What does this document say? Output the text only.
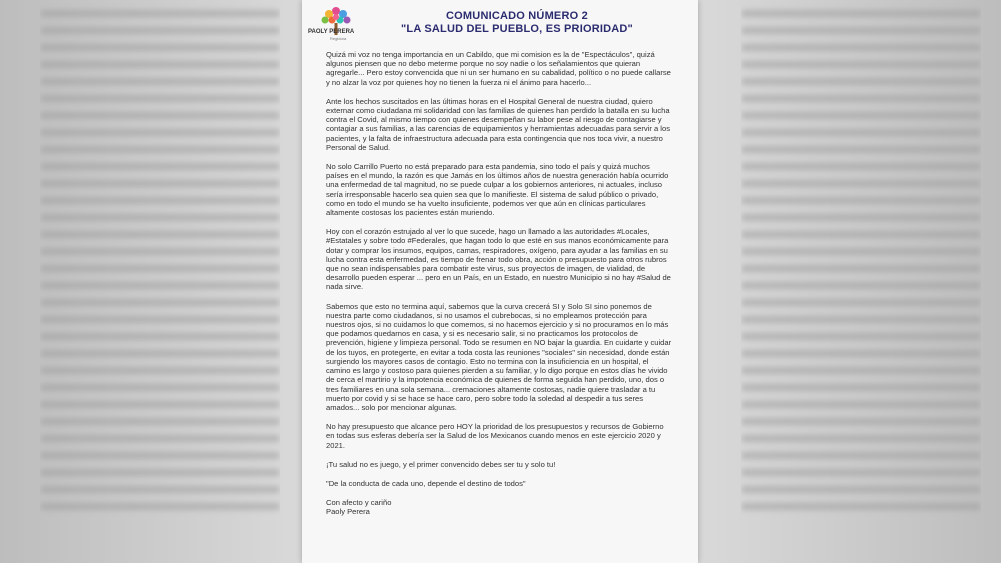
PAOLY PERERA
Regidora
COMUNICADO NÚMERO 2
"LA SALUD DEL PUEBLO, ES PRIORIDAD"

Quizá mi voz no tenga importancia en un Cabildo, que mi comision es la de "Espectáculos", quizá algunos piensen que no debo meterme porque no soy nadie o los señalamientos que quieran agregarle... Pero estoy convencida que ni un ser humano en su cabalidad, político o no puede callarse y no alzar la voz por quienes hoy no tienen la fuerza ni el ánimo para hacerlo...

Ante los hechos suscitados en las últimas horas en el Hospital General de nuestra ciudad, quiero externar como ciudadana mi solidaridad con las familias de quienes han perdido la batalla en su lucha contra el Covid, al mismo tiempo con quienes desempeñan su labor pese al riesgo de contagiarse y contagiar a sus familias, a las carencias de equipamientos y herramientas adecuadas para servir a los pacientes, y la falta de infraestructura adecuada para esta contingencia que nos toca vivir, a nuestro Personal de Salud.

No solo Carrillo Puerto no está preparado para esta pandemia, sino todo el país y quizá muchos países en el mundo, la razón es que Jamás en los últimos años de nuestra generación había ocurrido una enfermedad de tal magnitud, no se puede culpar a los gobiernos anteriores, ni actuales, incluso sería irresponsable hacerlo sea quien sea que lo manifieste. El sistema de salud público o privado, como en todo el mundo se ha vuelto insuficiente, podemos ver que aún en clínicas particulares altamente costosas los pacientes están muriendo.

Hoy con el corazón estrujado al ver lo que sucede, hago un llamado a las autoridades #Locales, #Estatales y sobre todo #Federales, que hagan todo lo que esté en sus manos económicamente para dotar y comprar los insumos, equipos, camas, respiradores, oxígeno, para ayudar a las familias en su lucha contra esta enfermedad, es tiempo de frenar todo obra, acción o presupuesto para otros rubros que no sean indispensables para combatir este virus, sus proyectos de imagen, de vialidad, de desarrollo pueden esperar ... pero en un País, en un Estado, en nuestro Municipio si no hay #Salud de nada sirve.

Sabemos que esto no termina aquí, sabemos que la curva crecerá SI y Solo SI sino ponemos de nuestra parte como ciudadanos, si no usamos el cubrebocas, si no empleamos protección para nuestros ojos, si no cuidamos lo que comemos, si no hacemos ejercicio y si no procuramos en lo más que podamos quedarnos en casa, y si es necesario salir, si no practicamos los protocolos de prevención, higiene y limpieza personal. Todo se resumen en NO bajar la guardia. En cuidarte y cuidar de los tuyos, en protegerte, en evitar a toda costa las reuniones "sociales" sin necesidad, donde están surgiendo los mayores casos de contagio. Esto no termina con la insuficiencia en un hospital, el camino es largo y costoso para quienes pierden a su familiar, y lo digo porque en estos días he vivido de cerca el martirio y la impotencia económica de quienes de forma seguida han perdido, uno, dos o tres familiares en una sola semana... cremaciones altamente costosas, nadie quiere trasladar a tu muerto por covid y si se hace se hace caro, pero sobre todo la soledad al despedir a tus seres amados... solo por mencionar algunas.

No hay presupuesto que alcance pero HOY la prioridad de los presupuestos y recursos de Gobierno en todas sus esferas debería ser la Salud de los Mexicanos cuando menos en este ejercicio 2020 y 2021.

¡Tu salud no es juego, y el primer convencido debes ser tu y solo tu!

"De la conducta de cada uno, depende el destino de todos"

Con afecto y cariño

Paoly Perera
